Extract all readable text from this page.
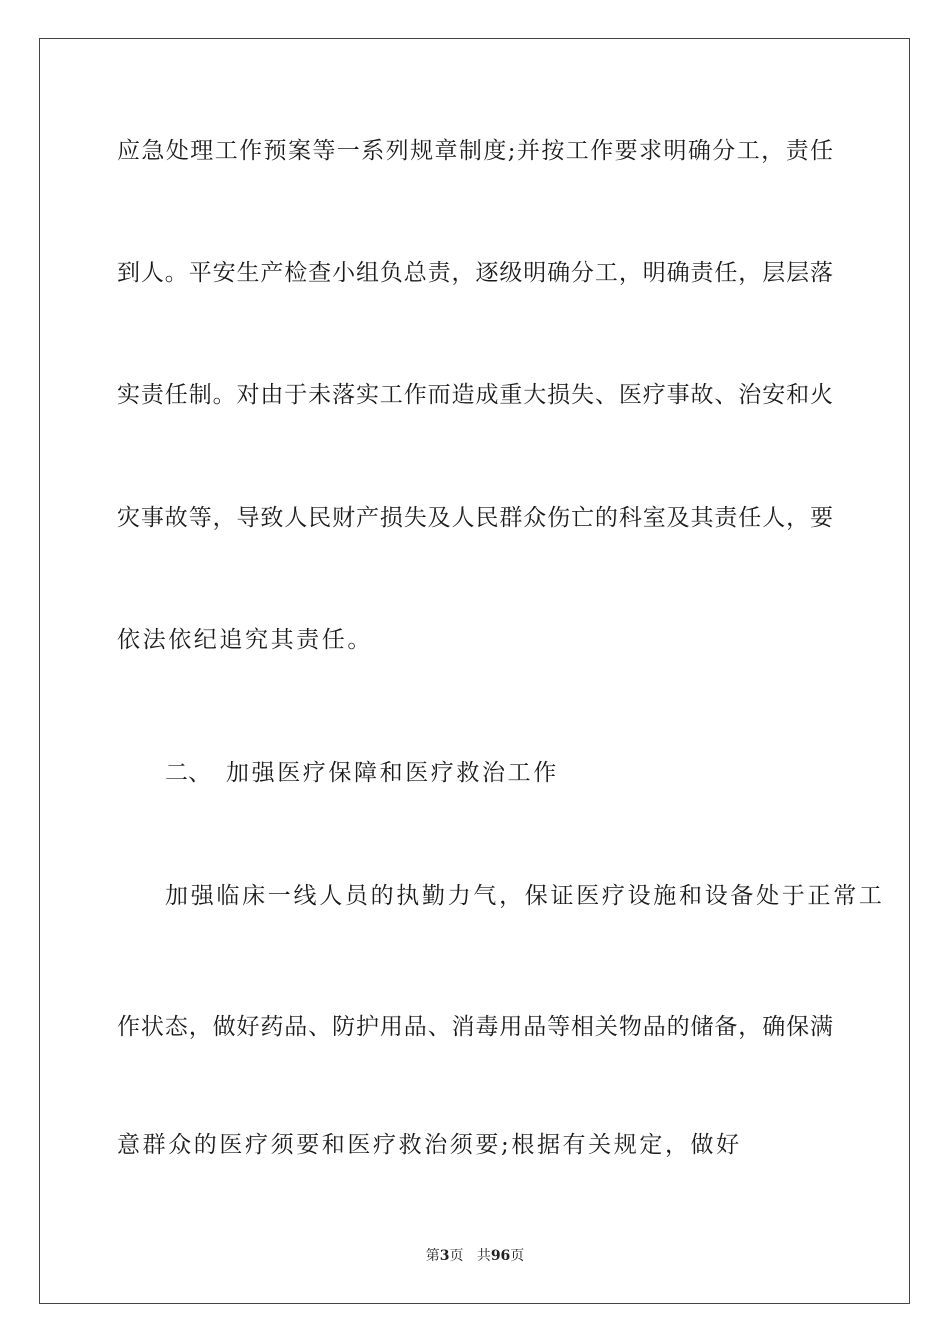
应急处理工作预案等一系列规章制度;并按工作要求明确分工，责任
到人。平安生产检查小组负总责，逐级明确分工，明确责任，层层落
实责任制。对由于未落实工作而造成重大损失、医疗事故、治安和火
灾事故等，导致人民财产损失及人民群众伤亡的科室及其责任人，要
依法依纪追究其责任。
二、 加强医疗保障和医疗救治工作
加强临床一线人员的执勤力气，保证医疗设施和设备处于正常工
作状态，做好药品、防护用品、消毒用品等相关物品的储备，确保满
意群众的医疗须要和医疗救治须要;根据有关规定，做好
第3页 共96页
